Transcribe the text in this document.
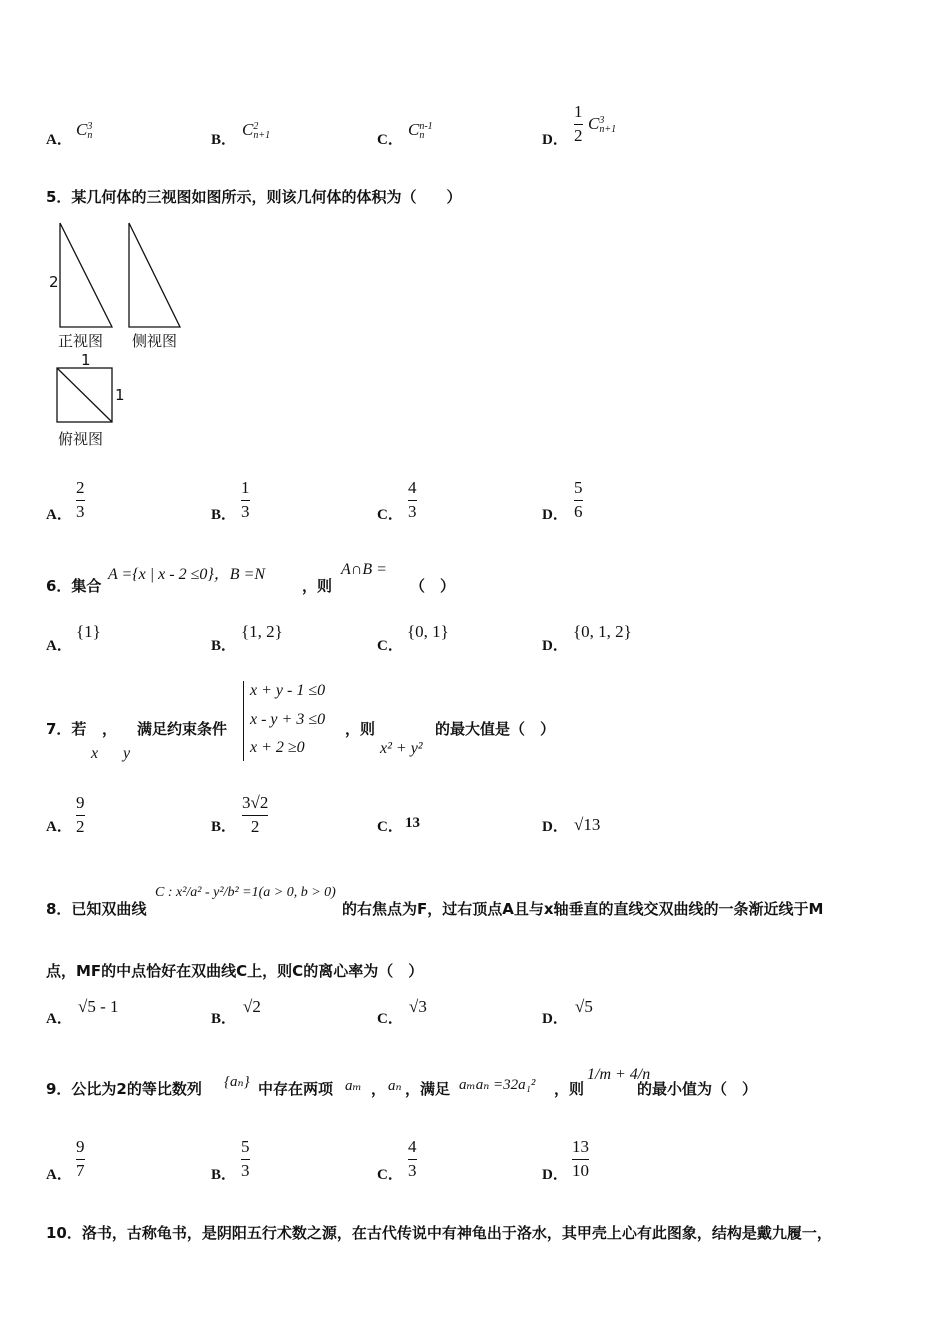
A．
C 3
n	B．
C 2
n+1	C．
C n-1
n	D．
1
2
C 3
n+1
5．某几何体的三视图如图所示，则该几何体的体积为（　　）
2
正视图 侧视图
1
1
俯视图
A．
2
3	B．
1
3	C．
4
3	D．
5
6
6．集合
A ={x | x - 2 ≤0}，B =N
，则
A∩B =
（　）
A．
{1}
B．
{1, 2}
C．
{0, 1}
D．
{0, 1, 2}
7．若 ，
x y
满足约束条件
x + y - 1 ≤0
x - y + 3 ≤0
x + 2 ≥0
，则
x² + y²
的最大值是（　）
A．
9
2	B．
3√2
2	C． 13	D． √13
8．已知双曲线
C : x²/a² - y²/b² =1(a > 0, b > 0)
的右焦点为F，过右顶点A且与x轴垂直的直线交双曲线的一条渐近线于M
点，MF的中点恰好在双曲线C上，则C的离心率为（　）
A．
√5 - 1
B．
√2
C．
√3
D．
√5
9．公比为2的等比数列 {aₙ} 中存在两项 aₘ ， aₙ ，满足 aₘaₙ =32a₁² ，则
1/m + 4/n
的最小值为（　）
A．
9
7	B．
5
3	C．
4
3	D．
13
10
10．洛书，古称龟书，是阴阳五行术数之源，在古代传说中有神龟出于洛水，其甲壳上心有此图象，结构是戴九履一，
